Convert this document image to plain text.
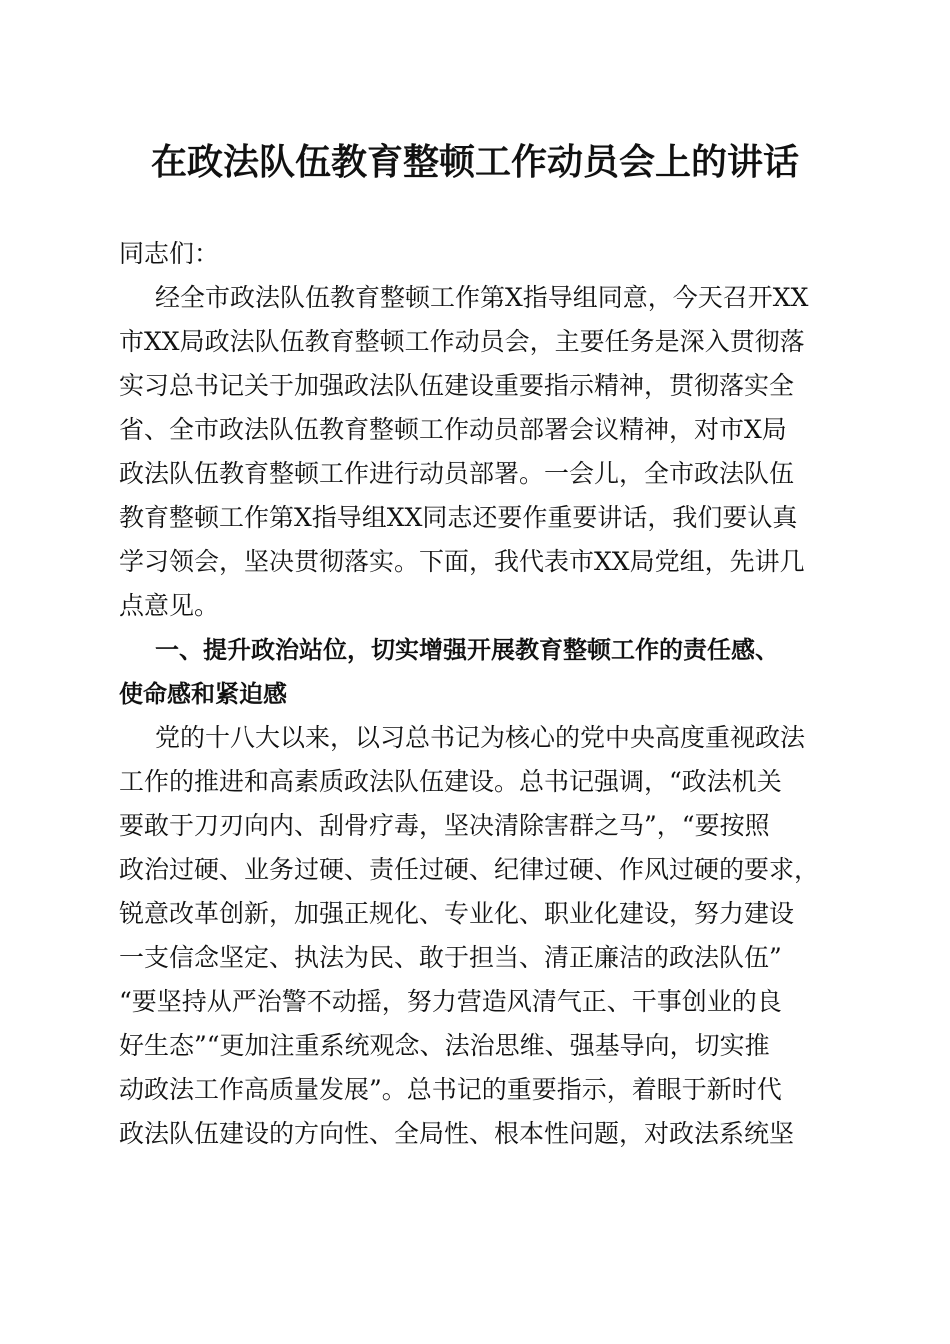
在政法队伍教育整顿工作动员会上的讲话
同志们：
经全市政法队伍教育整顿工作第X指导组同意，今天召开XX
市XX局政法队伍教育整顿工作动员会，主要任务是深入贯彻落
实习总书记关于加强政法队伍建设重要指示精神，贯彻落实全
省、全市政法队伍教育整顿工作动员部署会议精神，对市X局
政法队伍教育整顿工作进行动员部署。一会儿，全市政法队伍
教育整顿工作第X指导组XX同志还要作重要讲话，我们要认真
学习领会，坚决贯彻落实。下面，我代表市XX局党组，先讲几
点意见。
一、提升政治站位，切实增强开展教育整顿工作的责任感、
使命感和紧迫感
党的十八大以来，以习总书记为核心的党中央高度重视政法
工作的推进和高素质政法队伍建设。总书记强调，“政法机关
要敢于刀刃向内、刮骨疗毒，坚决清除害群之马”，“要按照
政治过硬、业务过硬、责任过硬、纪律过硬、作风过硬的要求，
锐意改革创新，加强正规化、专业化、职业化建设，努力建设
一支信念坚定、执法为民、敢于担当、清正廉洁的政法队伍”
“要坚持从严治警不动摇，努力营造风清气正、干事创业的良
好生态”“更加注重系统观念、法治思维、强基导向，切实推
动政法工作高质量发展”。总书记的重要指示，着眼于新时代
政法队伍建设的方向性、全局性、根本性问题，对政法系统坚
